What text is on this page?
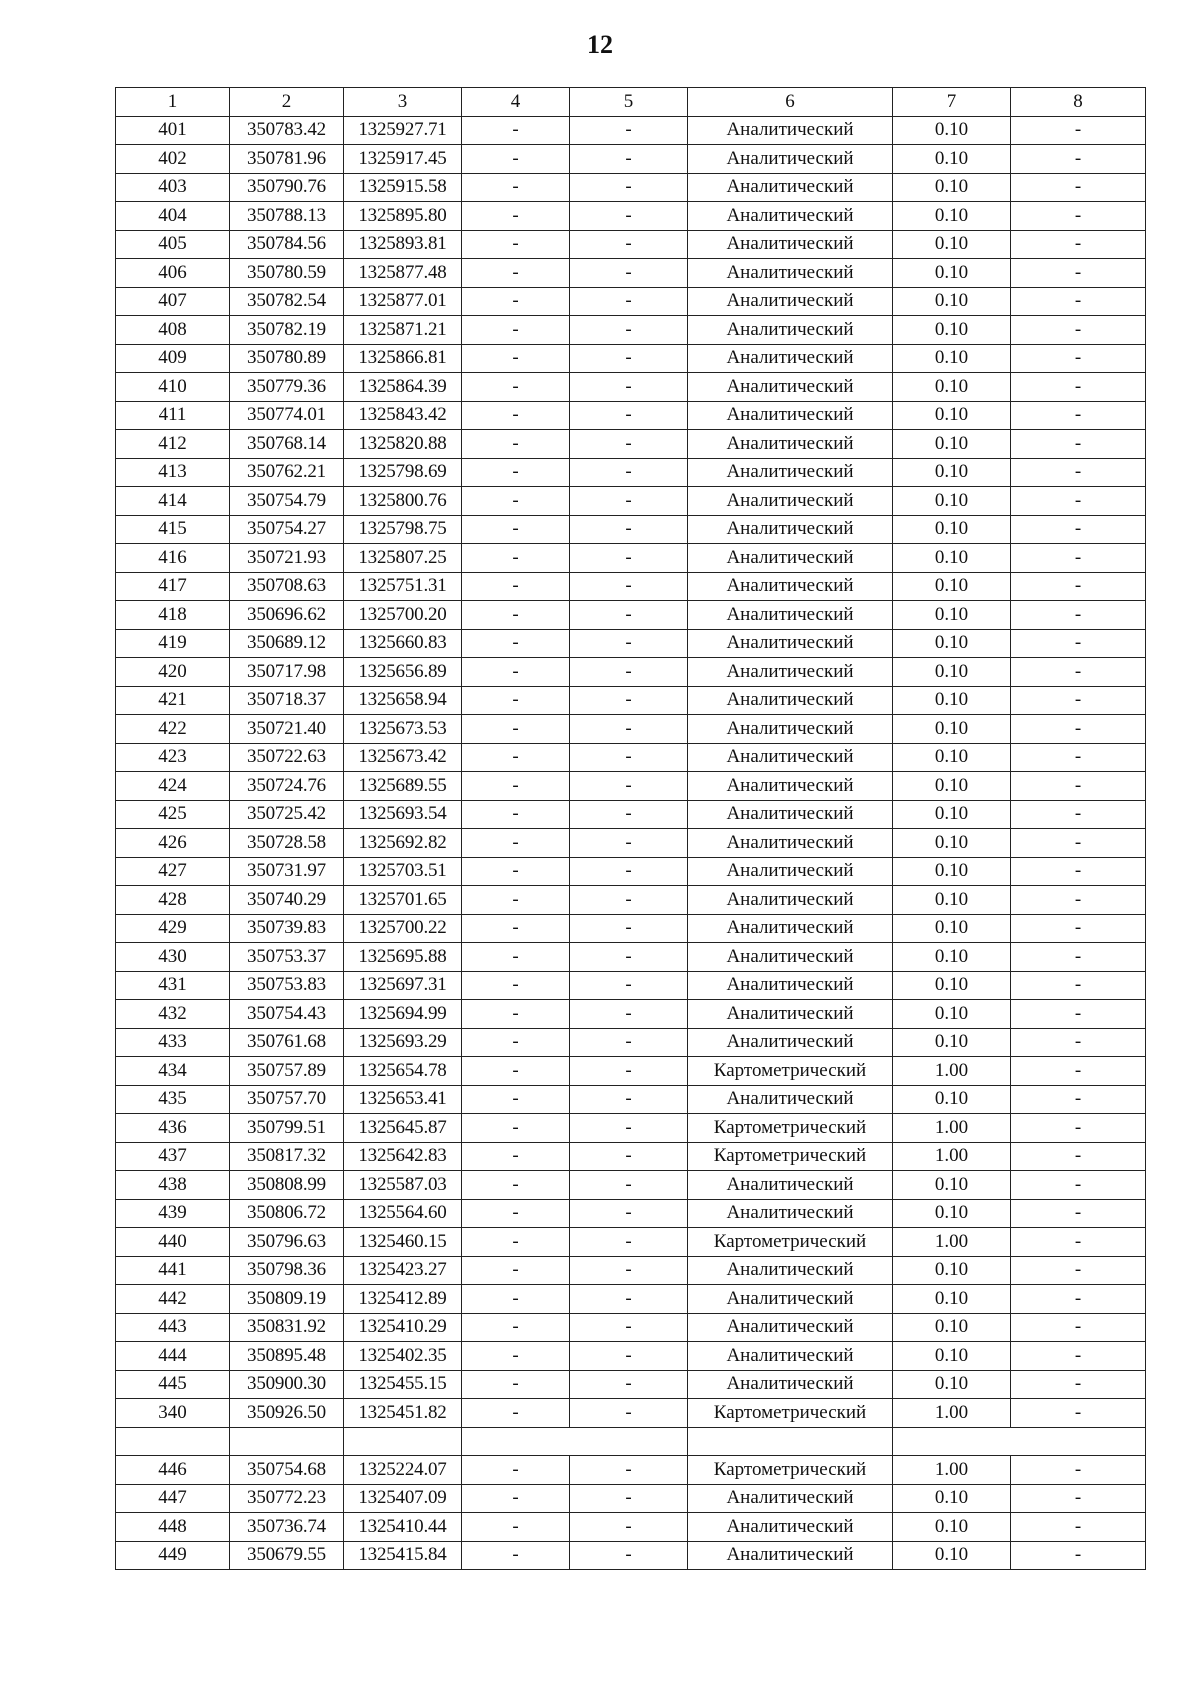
12
1	2	3	4	5	6	7	8
401	350783.42	1325927.71	-	-	Аналитический	0.10	-
402	350781.96	1325917.45	-	-	Аналитический	0.10	-
403	350790.76	1325915.58	-	-	Аналитический	0.10	-
404	350788.13	1325895.80	-	-	Аналитический	0.10	-
405	350784.56	1325893.81	-	-	Аналитический	0.10	-
406	350780.59	1325877.48	-	-	Аналитический	0.10	-
407	350782.54	1325877.01	-	-	Аналитический	0.10	-
408	350782.19	1325871.21	-	-	Аналитический	0.10	-
409	350780.89	1325866.81	-	-	Аналитический	0.10	-
410	350779.36	1325864.39	-	-	Аналитический	0.10	-
411	350774.01	1325843.42	-	-	Аналитический	0.10	-
412	350768.14	1325820.88	-	-	Аналитический	0.10	-
413	350762.21	1325798.69	-	-	Аналитический	0.10	-
414	350754.79	1325800.76	-	-	Аналитический	0.10	-
415	350754.27	1325798.75	-	-	Аналитический	0.10	-
416	350721.93	1325807.25	-	-	Аналитический	0.10	-
417	350708.63	1325751.31	-	-	Аналитический	0.10	-
418	350696.62	1325700.20	-	-	Аналитический	0.10	-
419	350689.12	1325660.83	-	-	Аналитический	0.10	-
420	350717.98	1325656.89	-	-	Аналитический	0.10	-
421	350718.37	1325658.94	-	-	Аналитический	0.10	-
422	350721.40	1325673.53	-	-	Аналитический	0.10	-
423	350722.63	1325673.42	-	-	Аналитический	0.10	-
424	350724.76	1325689.55	-	-	Аналитический	0.10	-
425	350725.42	1325693.54	-	-	Аналитический	0.10	-
426	350728.58	1325692.82	-	-	Аналитический	0.10	-
427	350731.97	1325703.51	-	-	Аналитический	0.10	-
428	350740.29	1325701.65	-	-	Аналитический	0.10	-
429	350739.83	1325700.22	-	-	Аналитический	0.10	-
430	350753.37	1325695.88	-	-	Аналитический	0.10	-
431	350753.83	1325697.31	-	-	Аналитический	0.10	-
432	350754.43	1325694.99	-	-	Аналитический	0.10	-
433	350761.68	1325693.29	-	-	Аналитический	0.10	-
434	350757.89	1325654.78	-	-	Картометрический	1.00	-
435	350757.70	1325653.41	-	-	Аналитический	0.10	-
436	350799.51	1325645.87	-	-	Картометрический	1.00	-
437	350817.32	1325642.83	-	-	Картометрический	1.00	-
438	350808.99	1325587.03	-	-	Аналитический	0.10	-
439	350806.72	1325564.60	-	-	Аналитический	0.10	-
440	350796.63	1325460.15	-	-	Картометрический	1.00	-
441	350798.36	1325423.27	-	-	Аналитический	0.10	-
442	350809.19	1325412.89	-	-	Аналитический	0.10	-
443	350831.92	1325410.29	-	-	Аналитический	0.10	-
444	350895.48	1325402.35	-	-	Аналитический	0.10	-
445	350900.30	1325455.15	-	-	Аналитический	0.10	-
340	350926.50	1325451.82	-	-	Картометрический	1.00	-

446	350754.68	1325224.07	-	-	Картометрический	1.00	-
447	350772.23	1325407.09	-	-	Аналитический	0.10	-
448	350736.74	1325410.44	-	-	Аналитический	0.10	-
449	350679.55	1325415.84	-	-	Аналитический	0.10	-
